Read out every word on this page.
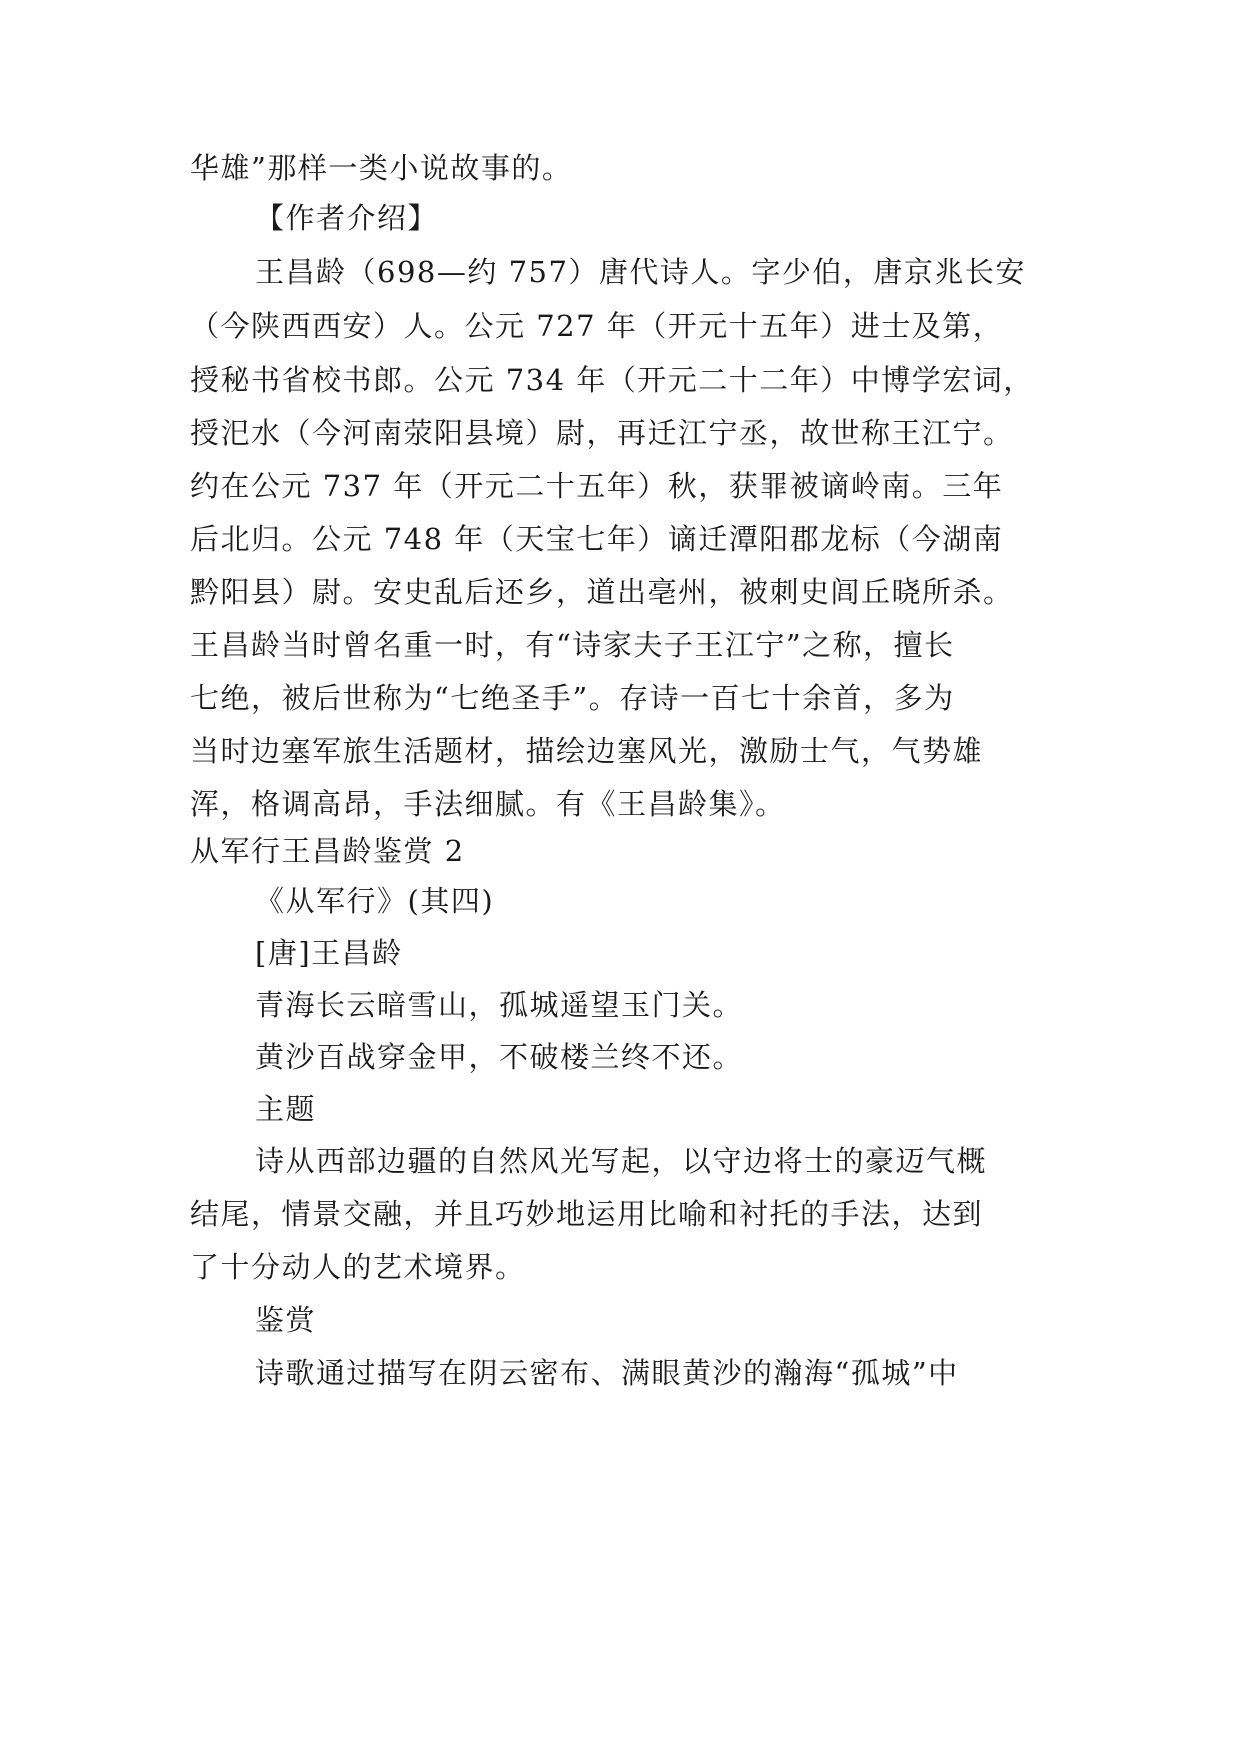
华雄”那样一类小说故事的。
【作者介绍】
王昌龄（698—约 757）唐代诗人。字少伯，唐京兆长安
（今陕西西安）人。公元 727 年（开元十五年）进士及第，
授秘书省校书郎。公元 734 年（开元二十二年）中博学宏词，
授汜水（今河南荥阳县境）尉，再迁江宁丞，故世称王江宁。
约在公元 737 年（开元二十五年）秋，获罪被谪岭南。三年
后北归。公元 748 年（天宝七年）谪迁潭阳郡龙标（今湖南
黔阳县）尉。安史乱后还乡，道出亳州，被刺史闾丘晓所杀。
王昌龄当时曾名重一时，有“诗家夫子王江宁”之称，擅长
七绝，被后世称为“七绝圣手”。存诗一百七十余首，多为
当时边塞军旅生活题材，描绘边塞风光，激励士气，气势雄
浑，格调高昂，手法细腻。有《王昌龄集》。
从军行王昌龄鉴赏 2
《从军行》(其四)
[唐]王昌龄
青海长云暗雪山，孤城遥望玉门关。
黄沙百战穿金甲，不破楼兰终不还。
主题
诗从西部边疆的自然风光写起，以守边将士的豪迈气概
结尾，情景交融，并且巧妙地运用比喻和衬托的手法，达到
了十分动人的艺术境界。
鉴赏
诗歌通过描写在阴云密布、满眼黄沙的瀚海“孤城”中
